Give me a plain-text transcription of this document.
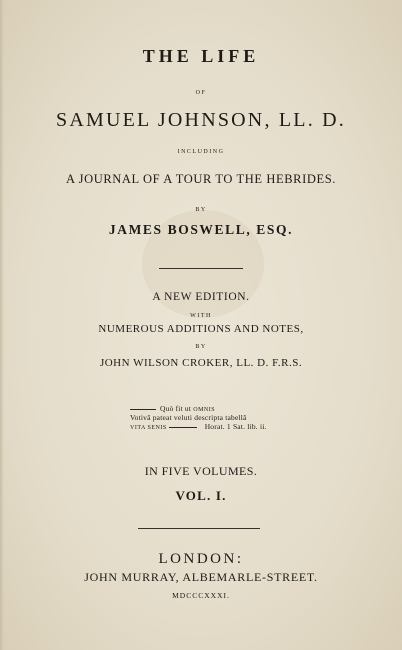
THE LIFE
OF
SAMUEL JOHNSON, LL. D.
INCLUDING
A JOURNAL OF A TOUR TO THE HEBRIDES.
BY
JAMES BOSWELL, ESQ.
A NEW EDITION.
WITH
NUMEROUS ADDITIONS AND NOTES,
BY
JOHN WILSON CROKER, LL. D. F.R.S.
Quò fit ut OMNIS
Votivâ pateat veluti descripta tabellâ
VITA SENIS	Horat. 1 Sat. lib. ii.
IN FIVE VOLUMES.
VOL. I.
LONDON:
JOHN MURRAY, ALBEMARLE-STREET.
MDCCCXXXI.
